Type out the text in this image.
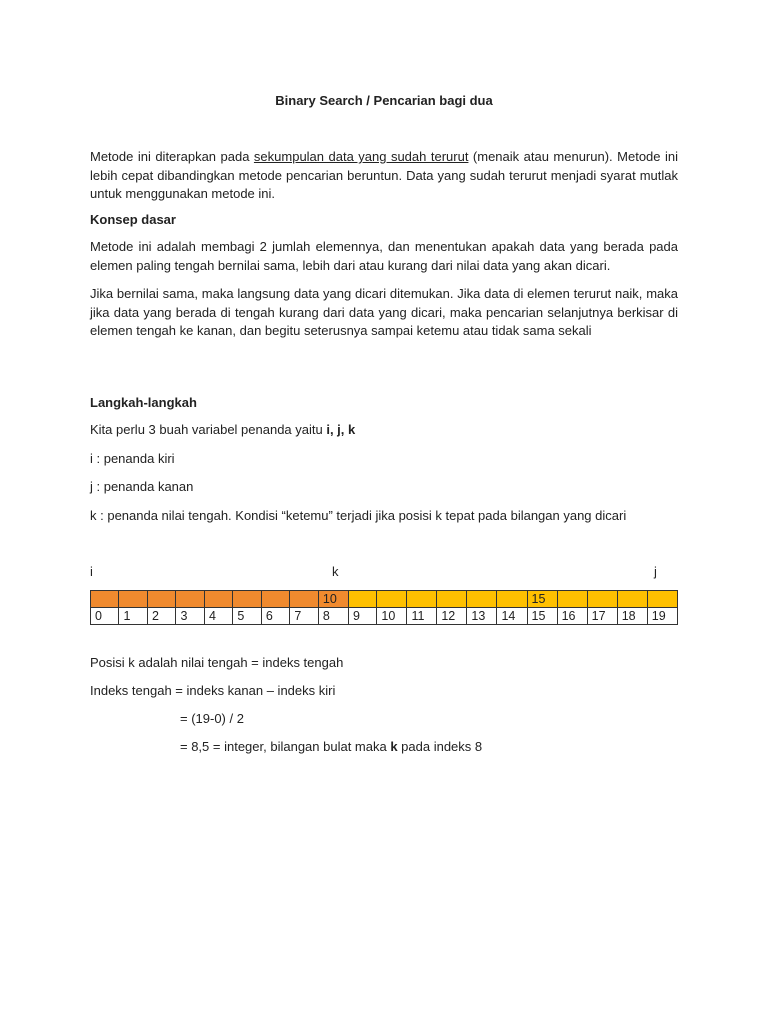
Binary Search / Pencarian bagi dua
Metode ini diterapkan pada sekumpulan data yang sudah terurut (menaik atau menurun). Metode ini lebih cepat dibandingkan metode pencarian beruntun. Data yang sudah terurut menjadi syarat mutlak untuk menggunakan metode ini.
Konsep dasar
Metode ini adalah membagi 2 jumlah elemennya, dan menentukan apakah data yang berada pada elemen paling tengah bernilai sama, lebih dari atau kurang dari nilai data yang akan dicari.
Jika bernilai sama, maka langsung data yang dicari ditemukan. Jika data di elemen terurut naik, maka jika data yang berada di tengah kurang dari data yang dicari, maka pencarian selanjutnya berkisar di elemen tengah ke kanan, dan begitu seterusnya sampai ketemu atau tidak sama sekali
Langkah-langkah
Kita perlu 3 buah variabel penanda yaitu i, j, k
i : penanda kiri
j : penanda kanan
k : penanda nilai tengah. Kondisi “ketemu” terjadi jika posisi k tepat pada bilangan yang dicari
i	k	j
								10							15				
0	1	2	3	4	5	6	7	8	9	10	11	12	13	14	15	16	17	18	19
Posisi k adalah nilai tengah = indeks tengah
Indeks tengah = indeks kanan – indeks kiri
= (19-0) / 2
= 8,5 = integer, bilangan bulat maka k pada indeks 8
